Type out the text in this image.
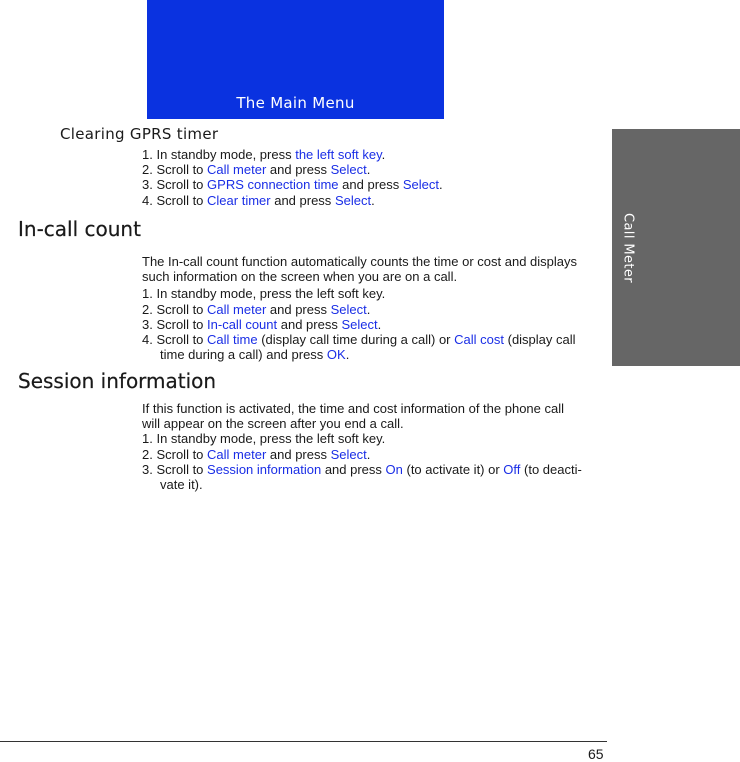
The Main Menu
Call Meter
Clearing GPRS timer

1. In standby mode, press the left soft key.

2. Scroll to Call meter and press Select.

3. Scroll to GPRS connection time and press Select.

4. Scroll to Clear timer and press Select.

In-call count

The In-call count function automatically counts the time or cost and displays

such information on the screen when you are on a call.

1. In standby mode, press the left soft key.

2. Scroll to Call meter and press Select.

3. Scroll to In-call count and press Select.

4. Scroll to Call time (display call time during a call) or Call cost (display call

time during a call) and press OK.

Session information

If this function is activated, the time and cost information of the phone call

will appear on the screen after you end a call.

1. In standby mode, press the left soft key.

2. Scroll to Call meter and press Select.

3. Scroll to Session information and press On (to activate it) or Off (to deacti-

vate it).

65
